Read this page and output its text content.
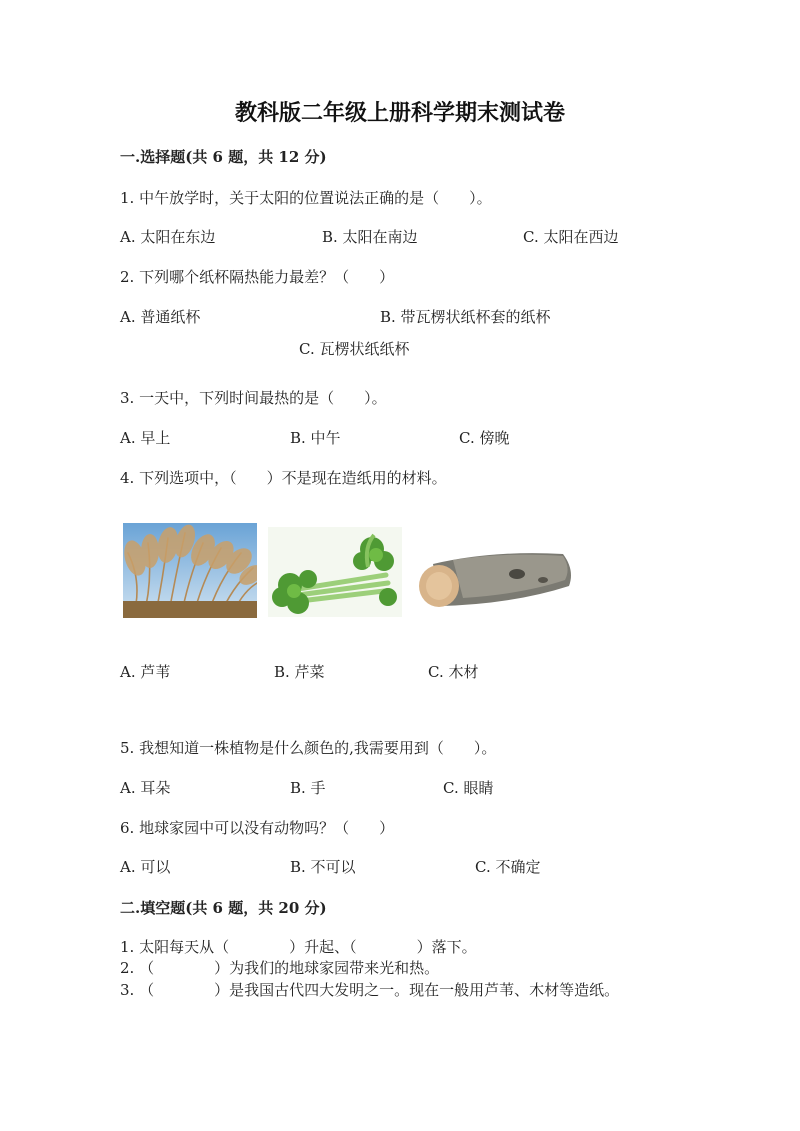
教科版二年级上册科学期末测试卷
一.选择题(共 6 题，共 12 分)
1. 中午放学时，关于太阳的位置说法正确的是（　　）。
A. 太阳在东边	B. 太阳在南边	C. 太阳在西边
2. 下列哪个纸杯隔热能力最差？（　　）
A. 普通纸杯	B. 带瓦楞状纸杯套的纸杯
C. 瓦楞状纸纸杯
3. 一天中，下列时间最热的是（　　）。
A. 早上	B. 中午	C. 傍晚
4. 下列选项中，（　　）不是现在造纸用的材料。
A. 芦苇	B. 芹菜	C. 木材
5. 我想知道一株植物是什么颜色的,我需要用到（　　）。
A. 耳朵	B. 手	C. 眼睛
6. 地球家园中可以没有动物吗？（　　）
A. 可以	B. 不可以	C. 不确定
二.填空题(共 6 题，共 20 分)
1. 太阳每天从（　　　　）升起、（　　　　）落下。
2. （　　　　）为我们的地球家园带来光和热。
3. （　　　　）是我国古代四大发明之一。现在一般用芦苇、木材等造纸。
